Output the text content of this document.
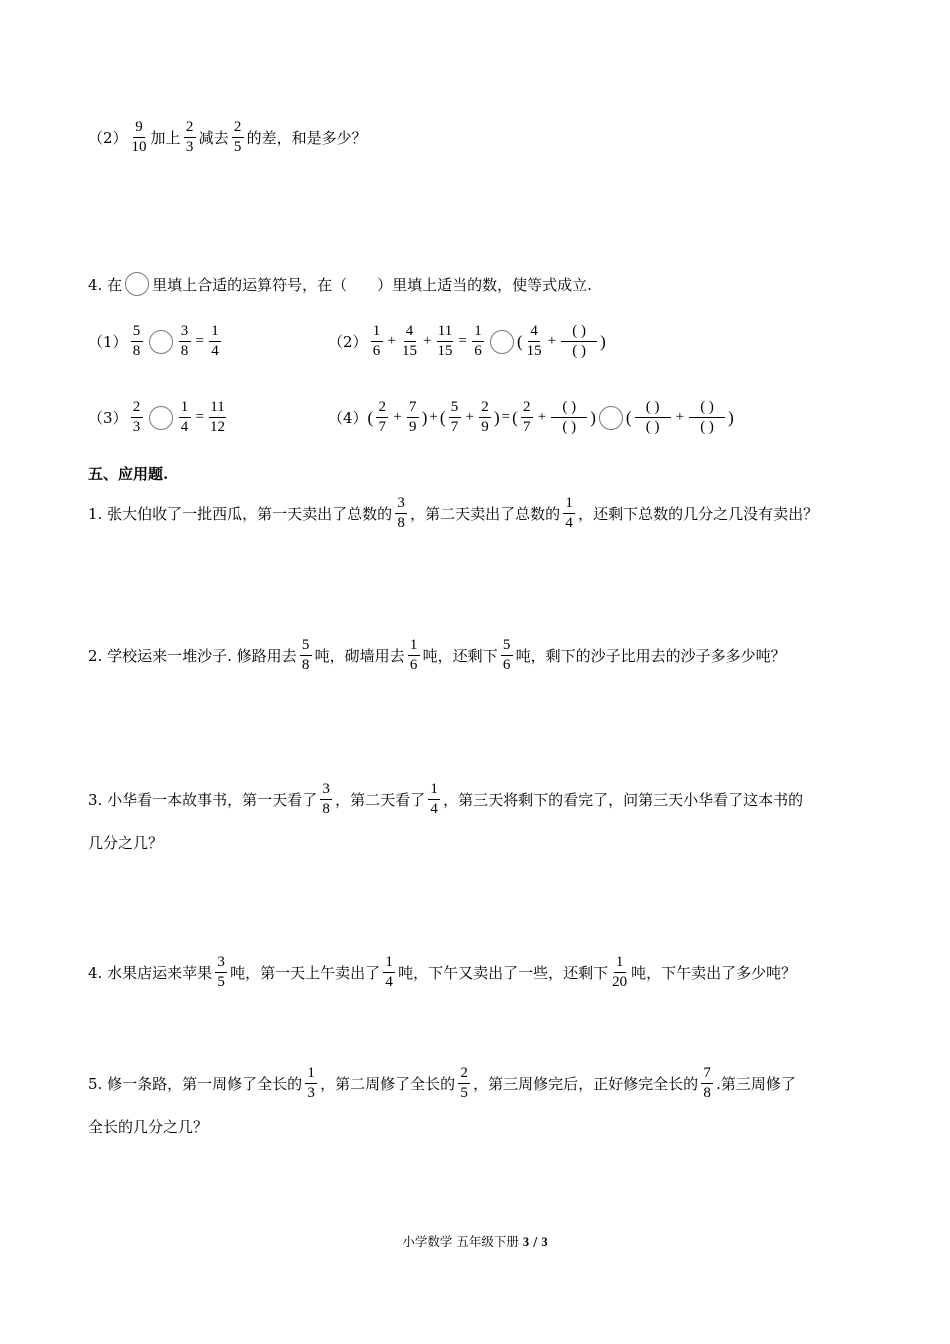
$(2) \frac{9}{10}$ 加上 $\frac{2}{3}$ 减去 $\frac{2}{5}$ 的差，和是多少？
4. 在 里填上合适的运算符号，在（　　）里填上适当的数，使等式成立.
$(1) \frac{5}{8} \frac{3}{8} = \frac{1}{4}$	$(2) \frac{1}{6} + \frac{4}{15} + \frac{11}{15} = \frac{1}{6}$ ( $\frac{4}{15} + \frac{( )}{( )}$ )
$(3) \frac{2}{3} \frac{1}{4} = \frac{11}{12}$	（4） ( $\frac{2}{7} + \frac{7}{9}$ ) + ( $\frac{5}{7} + \frac{2}{9}$ ) = ( $\frac{2}{7} + \frac{( )}{( )}$ ) ( $\frac{( )}{( )} + \frac{( )}{( )}$ )
五、应用题.
1. 张大伯收了一批西瓜，第一天卖出了总数的 $\frac{3}{8}$ ，第二天卖出了总数的 $\frac{1}{4}$ ，还剩下总数的几分之几没有卖出？
2. 学校运来一堆沙子. 修路用去 $\frac{5}{8}$ 吨，砌墙用去 $\frac{1}{6}$ 吨，还剩下 $\frac{5}{6}$ 吨，剩下的沙子比用去的沙子多多少吨？
3. 小华看一本故事书，第一天看了 $\frac{3}{8}$ ，第二天看了 $\frac{1}{4}$ ，第三天将剩下的看完了，问第三天小华看了这本书的
几分之几？
4. 水果店运来苹果 $\frac{3}{5}$ 吨，第一天上午卖出了 $\frac{1}{4}$ 吨，下午又卖出了一些，还剩下 $\frac{1}{20}$ 吨，下午卖出了多少吨？
5. 修一条路，第一周修了全长的 $\frac{1}{3}$ ，第二周修了全长的 $\frac{2}{5}$ ，第三周修完后，正好修完全长的 $\frac{7}{8}$ .第三周修了
全长的几分之几？
小学数学 五年级下册 3 / 3
